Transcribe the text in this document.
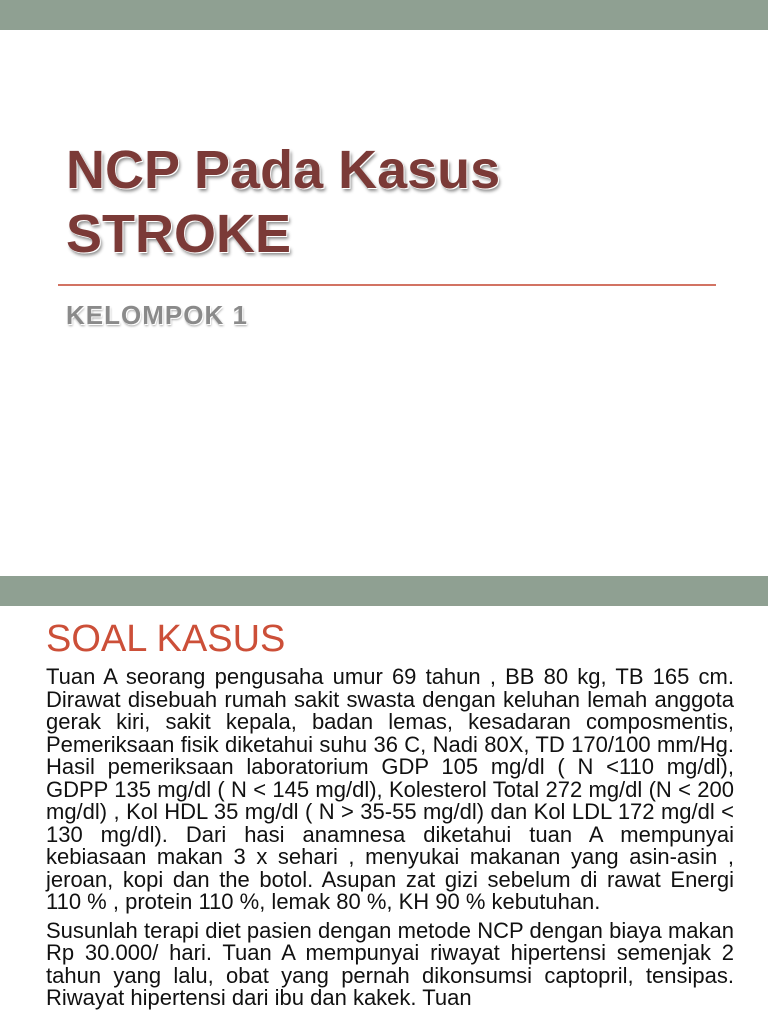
NCP Pada Kasus
STROKE
KELOMPOK 1
SOAL KASUS

Tuan A seorang pengusaha umur 69 tahun , BB 80 kg, TB 165 cm. Dirawat disebuah rumah sakit swasta dengan keluhan lemah anggota gerak kiri, sakit kepala, badan lemas, kesadaran composmentis, Pemeriksaan fisik diketahui suhu 36 C, Nadi 80X, TD 170/100 mm/Hg. Hasil pemeriksaan laboratorium GDP 105 mg/dl ( N <110 mg/dl), GDPP 135 mg/dl ( N < 145 mg/dl), Kolesterol Total 272 mg/dl (N < 200 mg/dl) , Kol HDL 35 mg/dl ( N > 35-55 mg/dl) dan Kol LDL 172 mg/dl < 130 mg/dl). Dari hasi anamnesa diketahui tuan A mempunyai kebiasaan makan 3 x sehari , menyukai makanan yang asin-asin , jeroan, kopi dan the botol. Asupan zat gizi sebelum di rawat Energi 110 % , protein 110 %, lemak 80 %, KH 90 % kebutuhan.

Susunlah terapi diet pasien dengan metode NCP dengan biaya makan Rp 30.000/ hari. Tuan A mempunyai riwayat hipertensi semenjak 2 tahun yang lalu, obat yang pernah dikonsumsi captopril, tensipas. Riwayat hipertensi dari ibu dan kakek. Tuan
